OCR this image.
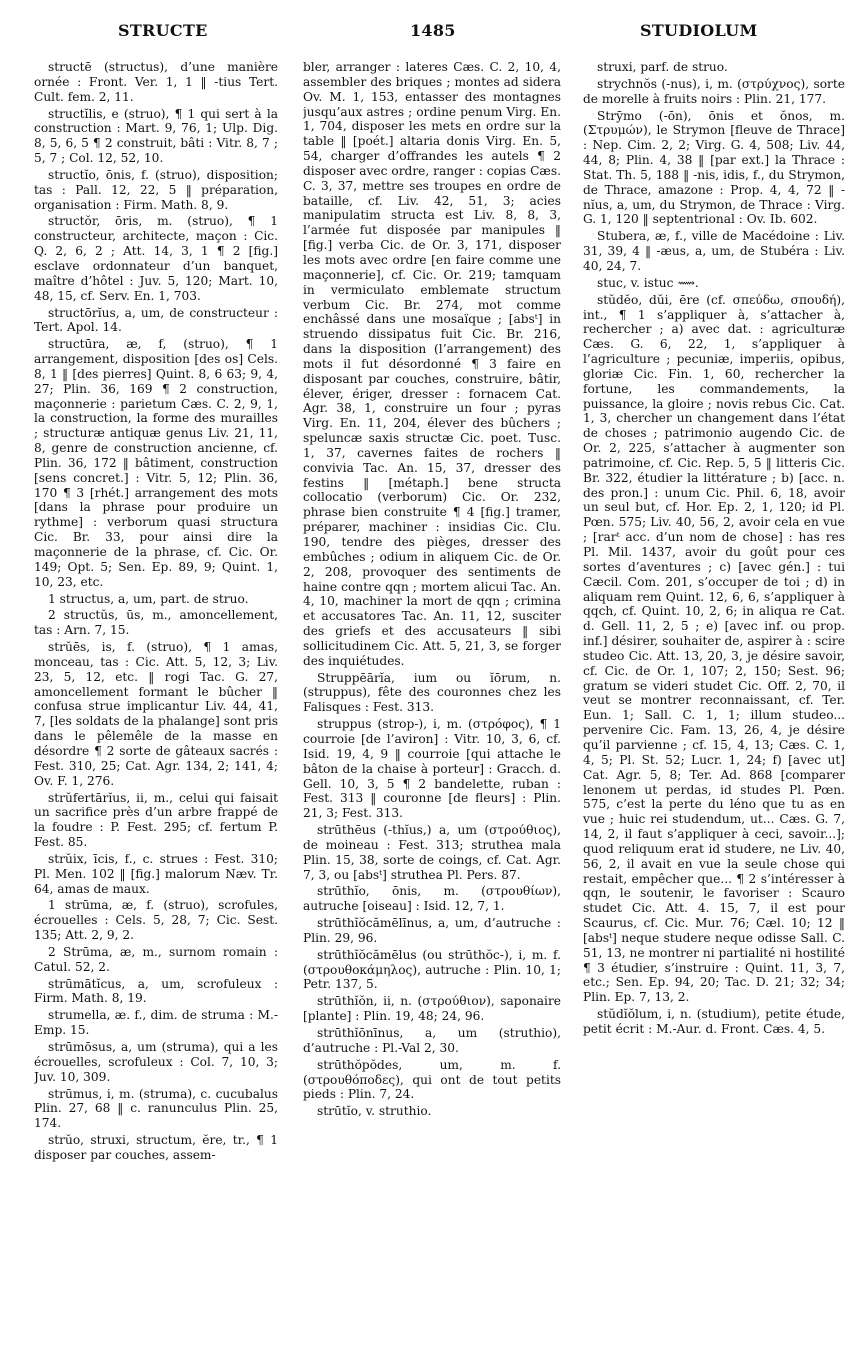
STRUCTE	1485	STUDIOLUM

structē (structus), d’une manière ornée : Front. Ver. 1, 1 ‖ -tius Tert. Cult. fem. 2, 11.

structĭlis, e (struo), ¶ 1 qui sert à la construction : Mart. 9, 76, 1; Ulp. Dig. 8, 5, 6, 5 ¶ 2 construit, bâti : Vitr. 8, 7 ; 5, 7 ; Col. 12, 52, 10.

structĭo, ōnis, f. (struo), disposition; tas : Pall. 12, 22, 5 ‖ préparation, organisation : Firm. Math. 8, 9.

structŏr, ōris, m. (struo), ¶ 1 constructeur, architecte, maçon : Cic. Q. 2, 6, 2 ; Att. 14, 3, 1 ¶ 2 [fig.] esclave ordonnateur d’un banquet, maître d’hôtel : Juv. 5, 120; Mart. 10, 48, 15, cf. Serv. En. 1, 703.

structōrĭus, a, um, de constructeur : Tert. Apol. 14.

structūra, æ, f, (struo), ¶ 1 arrangement, disposition [des os] Cels. 8, 1 ‖ [des pierres] Quint. 8, 6 63; 9, 4, 27; Plin. 36, 169 ¶ 2 construction, maçonnerie : parietum Cæs. C. 2, 9, 1, la construction, la forme des murailles ; structuræ antiquæ genus Liv. 21, 11, 8, genre de construction ancienne, cf. Plin. 36, 172 ‖ bâtiment, construction [sens concret.] : Vitr. 5, 12; Plin. 36, 170 ¶ 3 [rhét.] arrangement des mots [dans la phrase pour produire un rythme] : verborum quasi structura Cic. Br. 33, pour ainsi dire la maçonnerie de la phrase, cf. Cic. Or. 149; Opt. 5; Sen. Ep. 89, 9; Quint. 1, 10, 23, etc.

1 structus, a, um, part. de struo.

2 structŭs, ūs, m., amoncellement, tas : Arn. 7, 15.

strŭēs, is, f. (struo), ¶ 1 amas, monceau, tas : Cic. Att. 5, 12, 3; Liv. 23, 5, 12, etc. ‖ rogi Tac. G. 27, amoncellement formant le bûcher ‖ confusa strue implicantur Liv. 44, 41, 7, [les soldats de la phalange] sont pris dans le pêlemêle de la masse en désordre ¶ 2 sorte de gâteaux sacrés : Fest. 310, 25; Cat. Agr. 134, 2; 141, 4; Ov. F. 1, 276.

strŭfertārĭus, ii, m., celui qui faisait un sacrifice près d’un arbre frappé de la foudre : P. Fest. 295; cf. fertum P. Fest. 85.

strŭix, īcis, f., c. strues : Fest. 310; Pl. Men. 102 ‖ [fig.] malorum Næv. Tr. 64, amas de maux.

1 strūma, æ, f. (struo), scrofules, écrouelles : Cels. 5, 28, 7; Cic. Sest. 135; Att. 2, 9, 2.

2 Strūma, æ, m., surnom romain : Catul. 52, 2.

strūmātĭcus, a, um, scrofuleux : Firm. Math. 8, 19.

strumella, æ. f., dim. de struma : M.-Emp. 15.

strūmōsus, a, um (struma), qui a les écrouelles, scrofuleux : Col. 7, 10, 3; Juv. 10, 309.

strūmus, i, m. (struma), c. cucubalus Plin. 27, 68 ‖ c. ranunculus Plin. 25, 174.

strŭo, struxi, structum, ĕre, tr., ¶ 1 disposer par couches, assem-

bler, arranger : lateres Cæs. C. 2, 10, 4, assembler des briques ; montes ad sidera Ov. M. 1, 153, entasser des montagnes jusqu’aux astres ; ordine penum Virg. En. 1, 704, disposer les mets en ordre sur la table ‖ [poét.] altaria donis Virg. En. 5, 54, charger d’offrandes les autels ¶ 2 disposer avec ordre, ranger : copias Cæs. C. 3, 37, mettre ses troupes en ordre de bataille, cf. Liv. 42, 51, 3; acies manipulatim structa est Liv. 8, 8, 3, l’armée fut disposée par manipules ‖ [fig.] verba Cic. de Or. 3, 171, disposer les mots avec ordre [en faire comme une maçonnerie], cf. Cic. Or. 219; tamquam in vermiculato emblemate structum verbum Cic. Br. 274, mot comme enchâssé dans une mosaïque ; [absᵗ] in struendo dissipatus fuit Cic. Br. 216, dans la disposition (l’arrangement) des mots il fut désordonné ¶ 3 faire en disposant par couches, construire, bâtir, élever, ériger, dresser : fornacem Cat. Agr. 38, 1, construire un four ; pyras Virg. En. 11, 204, élever des bûchers ; speluncæ saxis structæ Cic. poet. Tusc. 1, 37, cavernes faites de rochers ‖ convivia Tac. An. 15, 37, dresser des festins ‖ [métaph.] bene structa collocatio (verborum) Cic. Or. 232, phrase bien construite ¶ 4 [fig.] tramer, préparer, machiner : insidias Cic. Clu. 190, tendre des pièges, dresser des embûches ; odium in aliquem Cic. de Or. 2, 208, provoquer des sentiments de haine contre qqn ; mortem alicui Tac. An. 4, 10, machiner la mort de qqn ; crimina et accusatores Tac. An. 11, 12, susciter des griefs et des accusateurs ‖ sibi sollicitudinem Cic. Att. 5, 21, 3, se forger des inquiétudes.

Struppēārĭa, ium ou ĭōrum, n. (struppus), fête des couronnes chez les Falisques : Fest. 313.

struppus (strop-), i, m. (στρόφος), ¶ 1 courroie [de l’aviron] : Vitr. 10, 3, 6, cf. Isid. 19, 4, 9 ‖ courroie [qui attache le bâton de la chaise à porteur] : Gracch. d. Gell. 10, 3, 5 ¶ 2 bandelette, ruban : Fest. 313 ‖ couronne [de fleurs] : Plin. 21, 3; Fest. 313.

strūthēus (-thĭus,) a, um (στρούθιος), de moineau : Fest. 313; struthea mala Plin. 15, 38, sorte de coings, cf. Cat. Agr. 7, 3, ou [absᵗ] struthea Pl. Pers. 87.

strūthĭo, ōnis, m. (στρουθίων), autruche [oiseau] : Isid. 12, 7, 1.

strūthĭŏcămēlīnus, a, um, d’autruche : Plin. 29, 96.

strūthĭŏcămēlus (ou strūthŏc-), i, m. f. (στρουθοκάμηλος), autruche : Plin. 10, 1; Petr. 137, 5.

strūthĭŏn, ii, n. (στρούθιον), saponaire [plante] : Plin. 19, 48; 24, 96.

strūthĭōnīnus, a, um (struthio), d’autruche : Pl.-Val 2, 30.

strūthŏpŏdes, um, m. f. (στρουθόποδες), qui ont de tout petits pieds : Plin. 7, 24.

strūtĭo, v. struthio.

struxi, parf. de struo.

strychnŏs (-nus), i, m. (στρύχνος), sorte de morelle à fruits noirs : Plin. 21, 177.

Strȳmo (-ōn), ōnis et ŏnos, m. (Στρυμών), le Strymon [fleuve de Thrace] : Nep. Cim. 2, 2; Virg. G. 4, 508; Liv. 44, 44, 8; Plin. 4, 38 ‖ [par ext.] la Thrace : Stat. Th. 5, 188 ‖ -nis, idis, f., du Strymon, de Thrace, amazone : Prop. 4, 4, 72 ‖ -nĭus, a, um, du Strymon, de Thrace : Virg. G. 1, 120 ‖ septentrional : Ov. Ib. 602.

Stubera, æ, f., ville de Macédoine : Liv. 31, 39, 4 ‖ -æus, a, um, de Stubéra : Liv. 40, 24, 7.

stuc, v. istuc ⟿.

stŭdĕo, dŭi, ēre (cf. σπεύδω, σπουδή), int., ¶ 1 s’appliquer à, s’attacher à, rechercher ; a) avec dat. : agriculturæ Cæs. G. 6, 22, 1, s’appliquer à l’agriculture ; pecuniæ, imperiis, opibus, gloriæ Cic. Fin. 1, 60, rechercher la fortune, les commandements, la puissance, la gloire ; novis rebus Cic. Cat. 1, 3, chercher un changement dans l’état de choses ; patrimonio augendo Cic. de Or. 2, 225, s’attacher à augmenter son patrimoine, cf. Cic. Rep. 5, 5 ‖ litteris Cic. Br. 322, étudier la littérature ; b) [acc. n. des pron.] : unum Cic. Phil. 6, 18, avoir un seul but, cf. Hor. Ep. 2, 1, 120; id Pl. Pœn. 575; Liv. 40, 56, 2, avoir cela en vue ; [rarᵗ acc. d’un nom de chose] : has res Pl. Mil. 1437, avoir du goût pour ces sortes d’aventures ; c) [avec gén.] : tui Cæcil. Com. 201, s’occuper de toi ; d) in aliquam rem Quint. 12, 6, 6, s’appliquer à qqch, cf. Quint. 10, 2, 6; in aliqua re Cat. d. Gell. 11, 2, 5 ; e) [avec inf. ou prop. inf.] désirer, souhaiter de, aspirer à : scire studeo Cic. Att. 13, 20, 3, je désire savoir, cf. Cic. de Or. 1, 107; 2, 150; Sest. 96; gratum se videri studet Cic. Off. 2, 70, il veut se montrer reconnaissant, cf. Ter. Eun. 1; Sall. C. 1, 1; illum studeo... pervenire Cic. Fam. 13, 26, 4, je désire qu’il parvienne ; cf. 15, 4, 13; Cæs. C. 1, 4, 5; Pl. St. 52; Lucr. 1, 24; f) [avec ut] Cat. Agr. 5, 8; Ter. Ad. 868 [comparer lenonem ut perdas, id studes Pl. Pœn. 575, c’est la perte du léno que tu as en vue ; huic rei studendum, ut... Cæs. G. 7, 14, 2, il faut s’appliquer à ceci, savoir...]; quod reliquum erat id studere, ne Liv. 40, 56, 2, il avait en vue la seule chose qui restait, empêcher que... ¶ 2 s’intéresser à qqn, le soutenir, le favoriser : Scauro studet Cic. Att. 4. 15, 7, il est pour Scaurus, cf. Cic. Mur. 76; Cæl. 10; 12 ‖ [absᵗ] neque studere neque odisse Sall. C. 51, 13, ne montrer ni partialité ni hostilité ¶ 3 étudier, s’instruire : Quint. 11, 3, 7, etc.; Sen. Ep. 94, 20; Tac. D. 21; 32; 34; Plin. Ep. 7, 13, 2.

stŭdĭŏlum, i, n. (studium), petite étude, petit écrit : M.-Aur. d. Front. Cæs. 4, 5.
